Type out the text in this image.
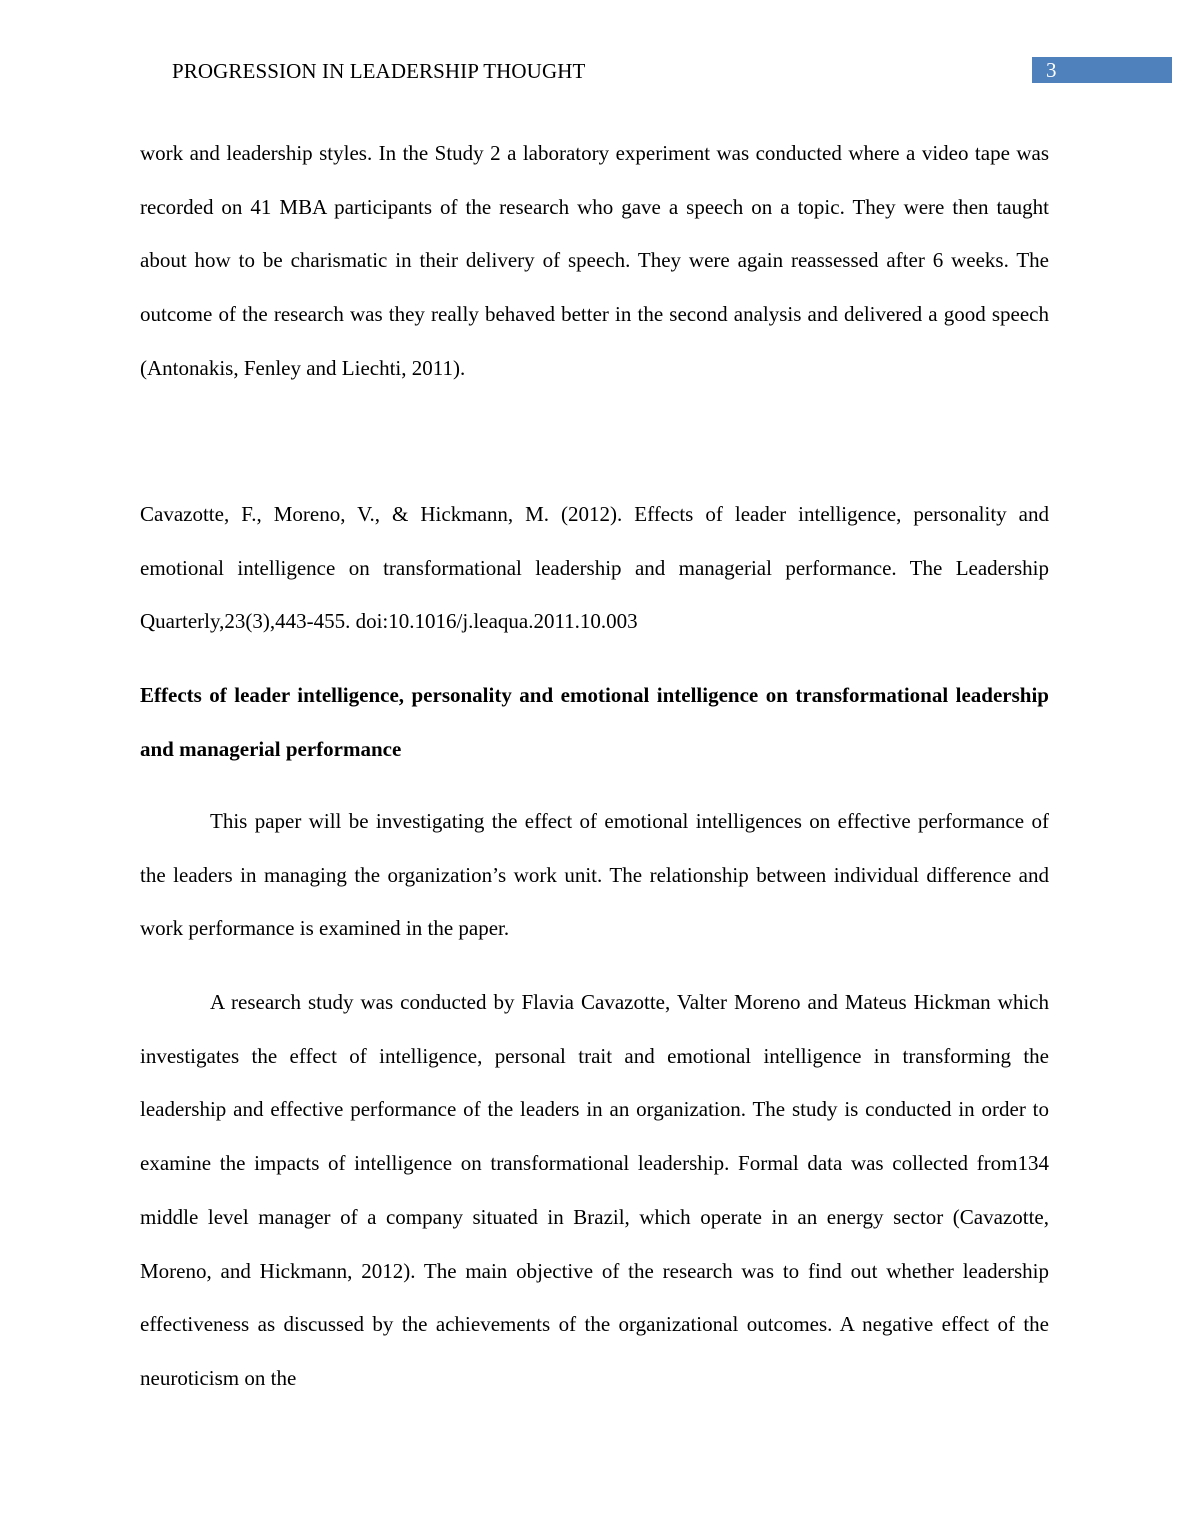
PROGRESSION IN LEADERSHIP THOUGHT	3

work and leadership styles. In the Study 2 a laboratory experiment was conducted where a video tape was recorded on 41 MBA participants of the research who gave a speech on a topic. They were then taught about how to be charismatic in their delivery of speech. They were again reassessed after 6 weeks. The outcome of the research was they really behaved better in the second analysis and delivered a good speech (Antonakis, Fenley and Liechti, 2011).

Cavazotte, F., Moreno, V., & Hickmann, M. (2012). Effects of leader intelligence, personality and emotional intelligence on transformational leadership and managerial performance. The Leadership Quarterly,23(3),443-455. doi:10.1016/j.leaqua.2011.10.003

Effects of leader intelligence, personality and emotional intelligence on transformational leadership and managerial performance

This paper will be investigating the effect of emotional intelligences on effective performance of the leaders in managing the organization’s work unit. The relationship between individual difference and work performance is examined in the paper.

A research study was conducted by Flavia Cavazotte, Valter Moreno and Mateus Hickman which investigates the effect of intelligence, personal trait and emotional intelligence in transforming the leadership and effective performance of the leaders in an organization. The study is conducted in order to examine the impacts of intelligence on transformational leadership. Formal data was collected from134 middle level manager of a company situated in Brazil, which operate in an energy sector (Cavazotte, Moreno, and Hickmann, 2012). The main objective of the research was to find out whether leadership effectiveness as discussed by the achievements of the organizational outcomes. A negative effect of the neuroticism on the
